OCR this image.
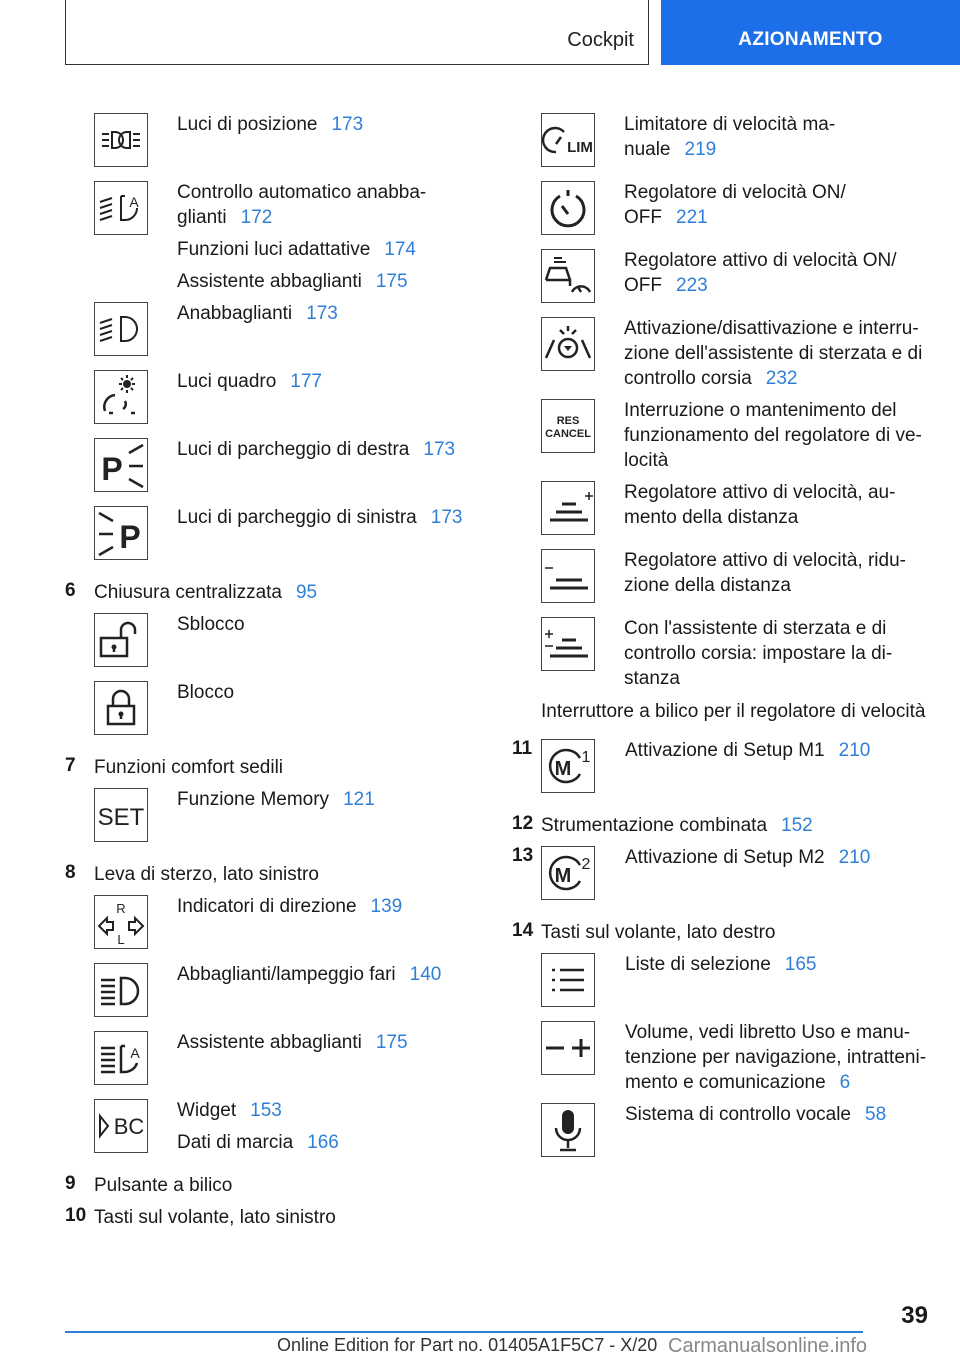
Cockpit	AZIONAMENTO
Luci di posizione 173
A Controllo automatico anabba-
glianti 172
Funzioni luci adattative 174
Assistente abbaglianti 175
Anabbaglianti 173
Luci quadro 177
P
Luci di parcheggio di destra 173
P
Luci di parcheggio di sinistra 173
6 Chiusura centralizzata 95
Sblocco
Blocco
7 Funzioni comfort sedili
SET
Funzione Memory 121
8 Leva di sterzo, lato sinistro
R
L
Indicatori di direzione 139
Abbaglianti/lampeggio fari 140
A Assistente abbaglianti 175
BC
Widget 153
Dati di marcia 166
9 Pulsante a bilico
10 Tasti sul volante, lato sinistro
LIM
Limitatore di velocità ma-
nuale 219
Regolatore di velocità ON/
OFF 221
Regolatore attivo di velocità ON/
OFF 223
Attivazione/disattivazione e interru-
zione dell'assistente di sterzata e di
controllo corsia 232
RES
CANCEL
Interruzione o mantenimento del
funzionamento del regolatore di ve-
locità
Regolatore attivo di velocità, au-
mento della distanza
Regolatore attivo di velocità, ridu-
zione della distanza
Con l'assistente di sterzata e di
controllo corsia: impostare la di-
stanza
Interruttore a bilico per il regolatore di velocità
11
M
1 Attivazione di Setup M1 210
12 Strumentazione combinata 152
13
M
2 Attivazione di Setup M2 210
14 Tasti sul volante, lato destro
Liste di selezione 165
Volume, vedi libretto Uso e manu-
tenzione per navigazione, intratteni-
mento e comunicazione 6
Sistema di controllo vocale 58
39
Online Edition for Part no. 01405A1F5C7 - X/20 Carmanualsonline.info
